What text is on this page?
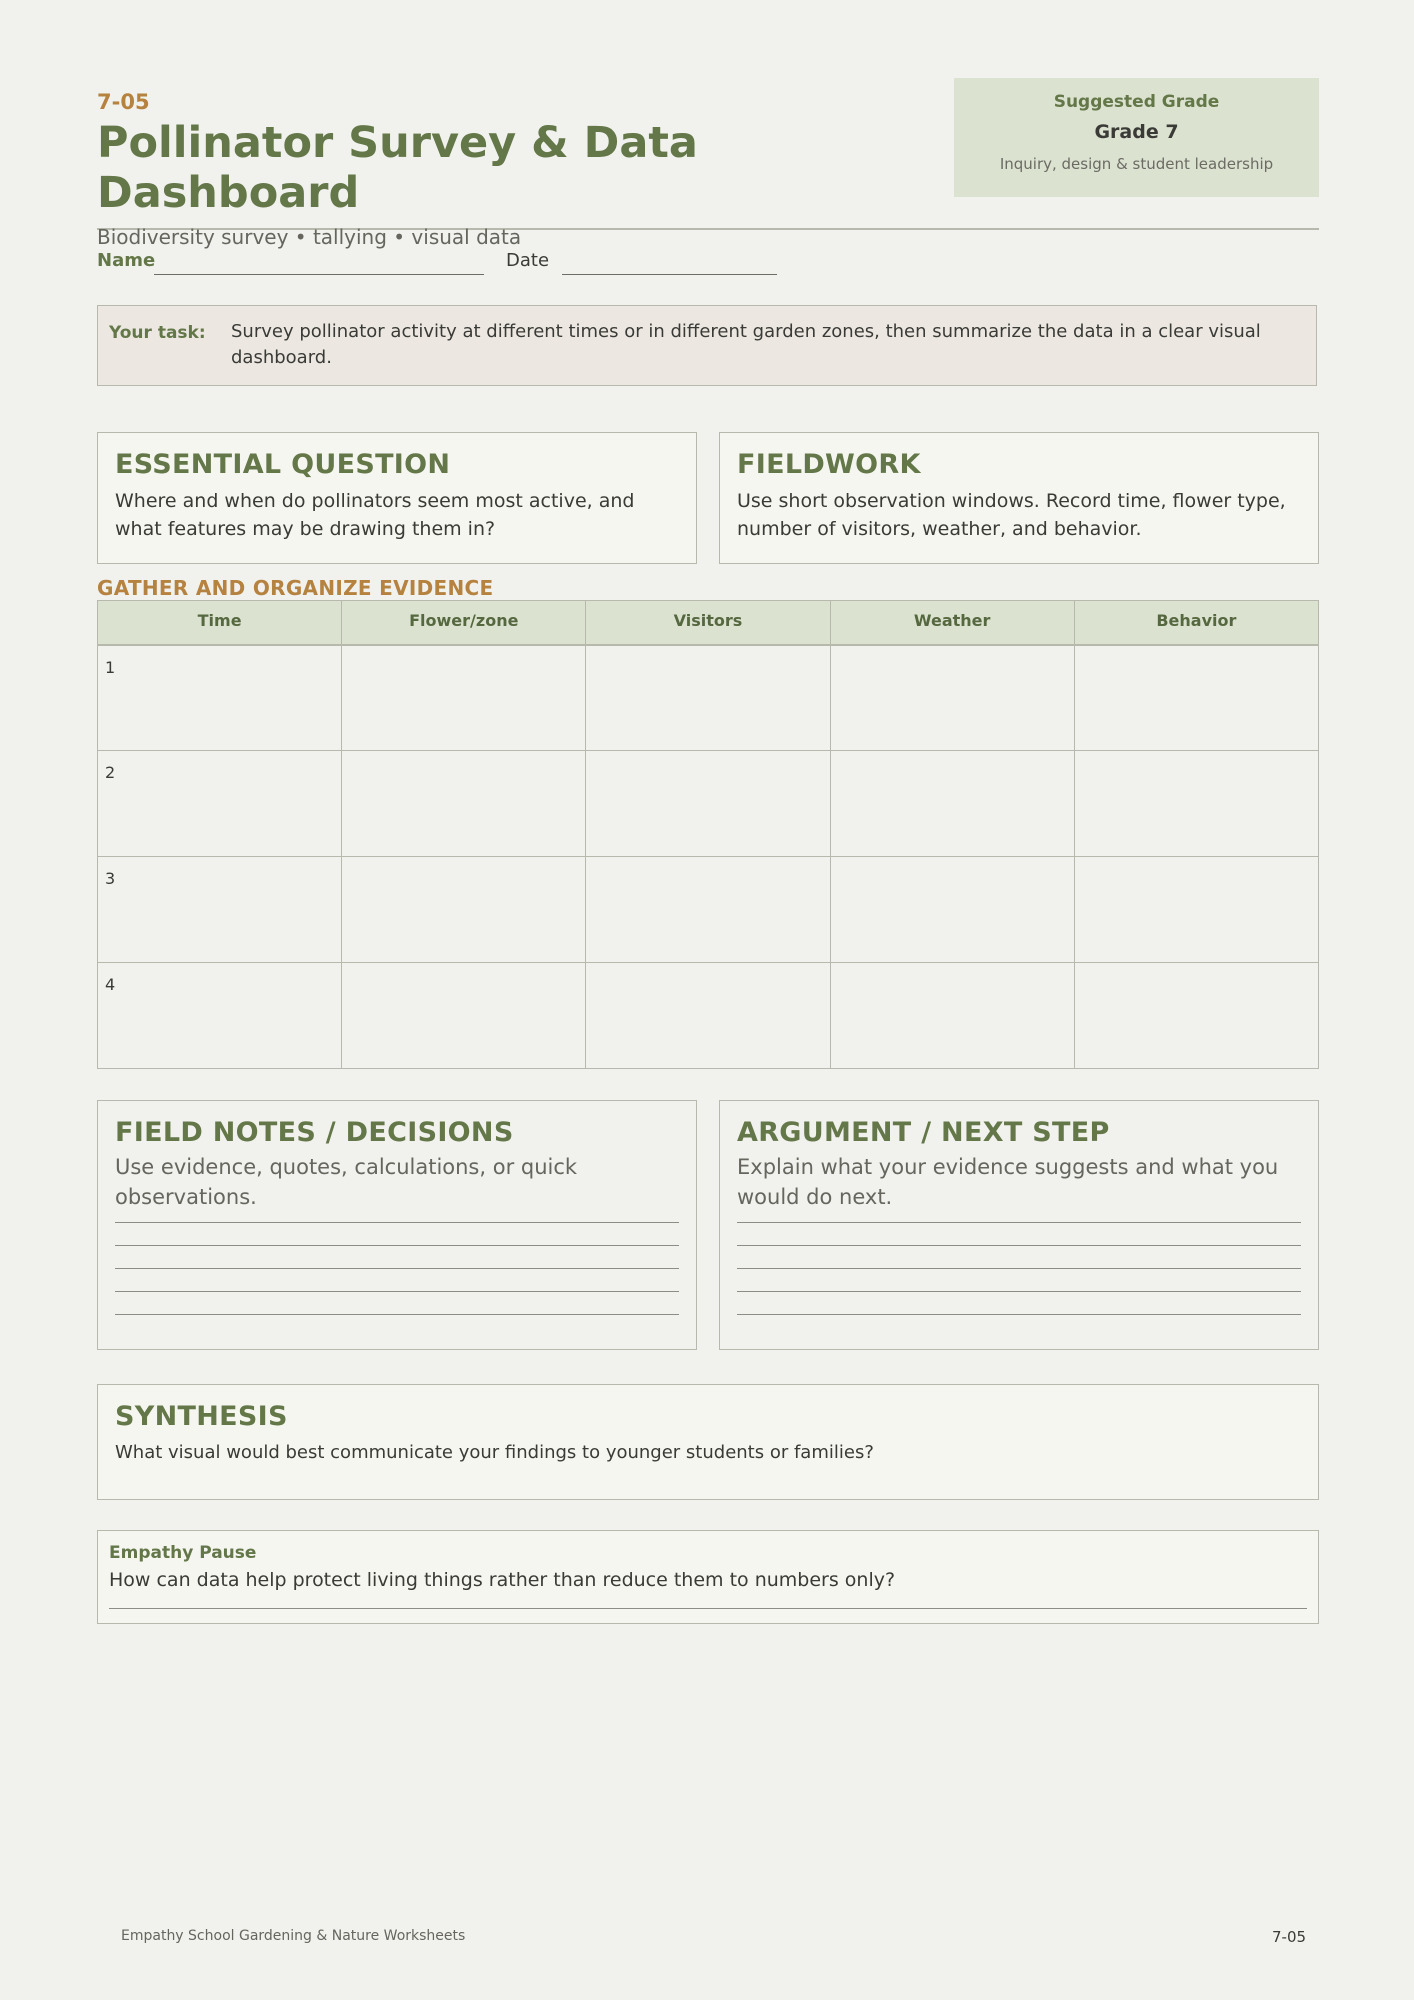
7-05
Pollinator Survey & Data Dashboard
Suggested Grade
Grade 7
Inquiry, design & student leadership
Biodiversity survey • tallying • visual data
Name	Date
Your task: Survey pollinator activity at different times or in different garden zones, then summarize the data in a clear visual dashboard.
ESSENTIAL QUESTION
Where and when do pollinators seem most active, and what features may be drawing them in?
FIELDWORK
Use short observation windows. Record time, flower type, number of visitors, weather, and behavior.
GATHER AND ORGANIZE EVIDENCE
Time	Flower/zone	Visitors	Weather	Behavior
1				
2				
3				
4				
FIELD NOTES / DECISIONS
Use evidence, quotes, calculations, or quick observations.
ARGUMENT / NEXT STEP
Explain what your evidence suggests and what you would do next.
SYNTHESIS
What visual would best communicate your findings to younger students or families?
Empathy Pause
How can data help protect living things rather than reduce them to numbers only?
Empathy School Gardening & Nature Worksheets	7-05
